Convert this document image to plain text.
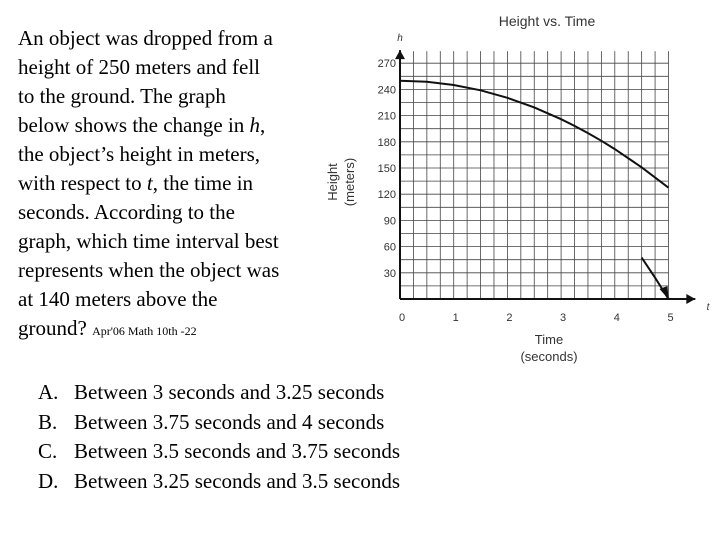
An object was dropped from a
height of 250 meters and fell
to the ground. The graph
below shows the change in h,
the object’s height in meters,
with respect to t, the time in
seconds. According to the
graph, which time interval best
represents when the object was
at 140 meters above the
ground? Apr'06 Math 10th -22
A. Between 3 seconds and 3.25 seconds
B. Between 3.75 seconds and 4 seconds
C. Between 3.5 seconds and 3.75 seconds
D. Between 3.25 seconds and 3.5 seconds
Height vs. Time
h
t
Height (meters)
Time
(seconds)
30
60
90
120
150
180
210
240
270
0	1	2	3	4	5
